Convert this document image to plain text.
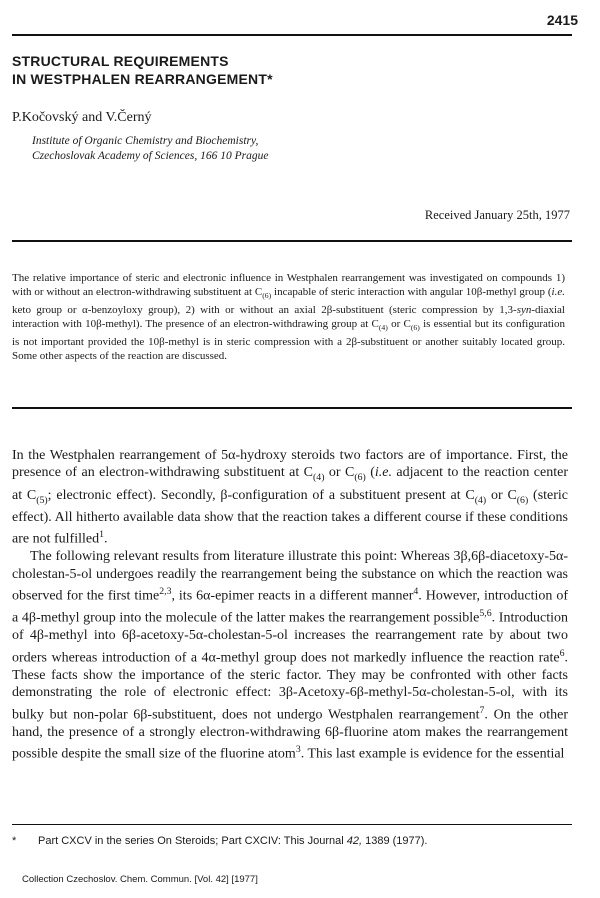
2415
STRUCTURAL REQUIREMENTS
IN WESTPHALEN REARRANGEMENT*
P.Kočovský and V.Černý
Institute of Organic Chemistry and Biochemistry,
Czechoslovak Academy of Sciences, 166 10 Prague
Received January 25th, 1977
The relative importance of steric and electronic influence in Westphalen rearrangement was investigated on compounds 1) with or without an electron-withdrawing substituent at $C_{(6)}$ incapable of steric interaction with angular 10β-methyl group (i.e. keto group or α-benzoyloxy group), 2) with or without an axial 2β-substituent (steric compression by 1,3-syn-diaxial interaction with 10β-methyl). The presence of an electron-withdrawing group at $C_{(4)}$ or $C_{(6)}$ is essential but its configuration is not important provided the 10β-methyl is in steric compression with a 2β-substituent or another suitably located group. Some other aspects of the reaction are discussed.

In the Westphalen rearrangement of 5α-hydroxy steroids two factors are of importance. First, the presence of an electron-withdrawing substituent at $C_{(4)}$ or $C_{(6)}$ (i.e. adjacent to the reaction center at $C_{(5)}$; electronic effect). Secondly, β-configuration of a substituent present at $C_{(4)}$ or $C_{(6)}$ (steric effect). All hitherto available data show that the reaction takes a different course if these conditions are not fulfilled$^1$.

The following relevant results from literature illustrate this point: Whereas 3β,6β-diacetoxy-5α-cholestan-5-ol undergoes readily the rearrangement being the substance on which the reaction was observed for the first time$^{2,3}$, its 6α-epimer reacts in a different manner$^4$. However, introduction of a 4β-methyl group into the molecule of the latter makes the rearrangement possible$^{5,6}$. Introduction of 4β-methyl into 6β-acetoxy-5α-cholestan-5-ol increases the rearrangement rate by about two orders whereas introduction of a 4α-methyl group does not markedly influence the reaction rate$^6$. These facts show the importance of the steric factor. They may be confronted with other facts demonstrating the role of electronic effect: 3β-Acetoxy-6β-methyl-5α-cholestan-5-ol, with its bulky but non-polar 6β-substituent, does not undergo Westphalen rearrangement$^7$. On the other hand, the presence of a strongly electron-withdrawing 6β-fluorine atom makes the rearrangement possible despite the small size of the fluorine atom$^3$. This last example is evidence for the essential

* Part CXCV in the series On Steroids; Part CXCIV: This Journal 42, 1389 (1977).
Collection Czechoslov. Chem. Commun. [Vol. 42] [1977]
